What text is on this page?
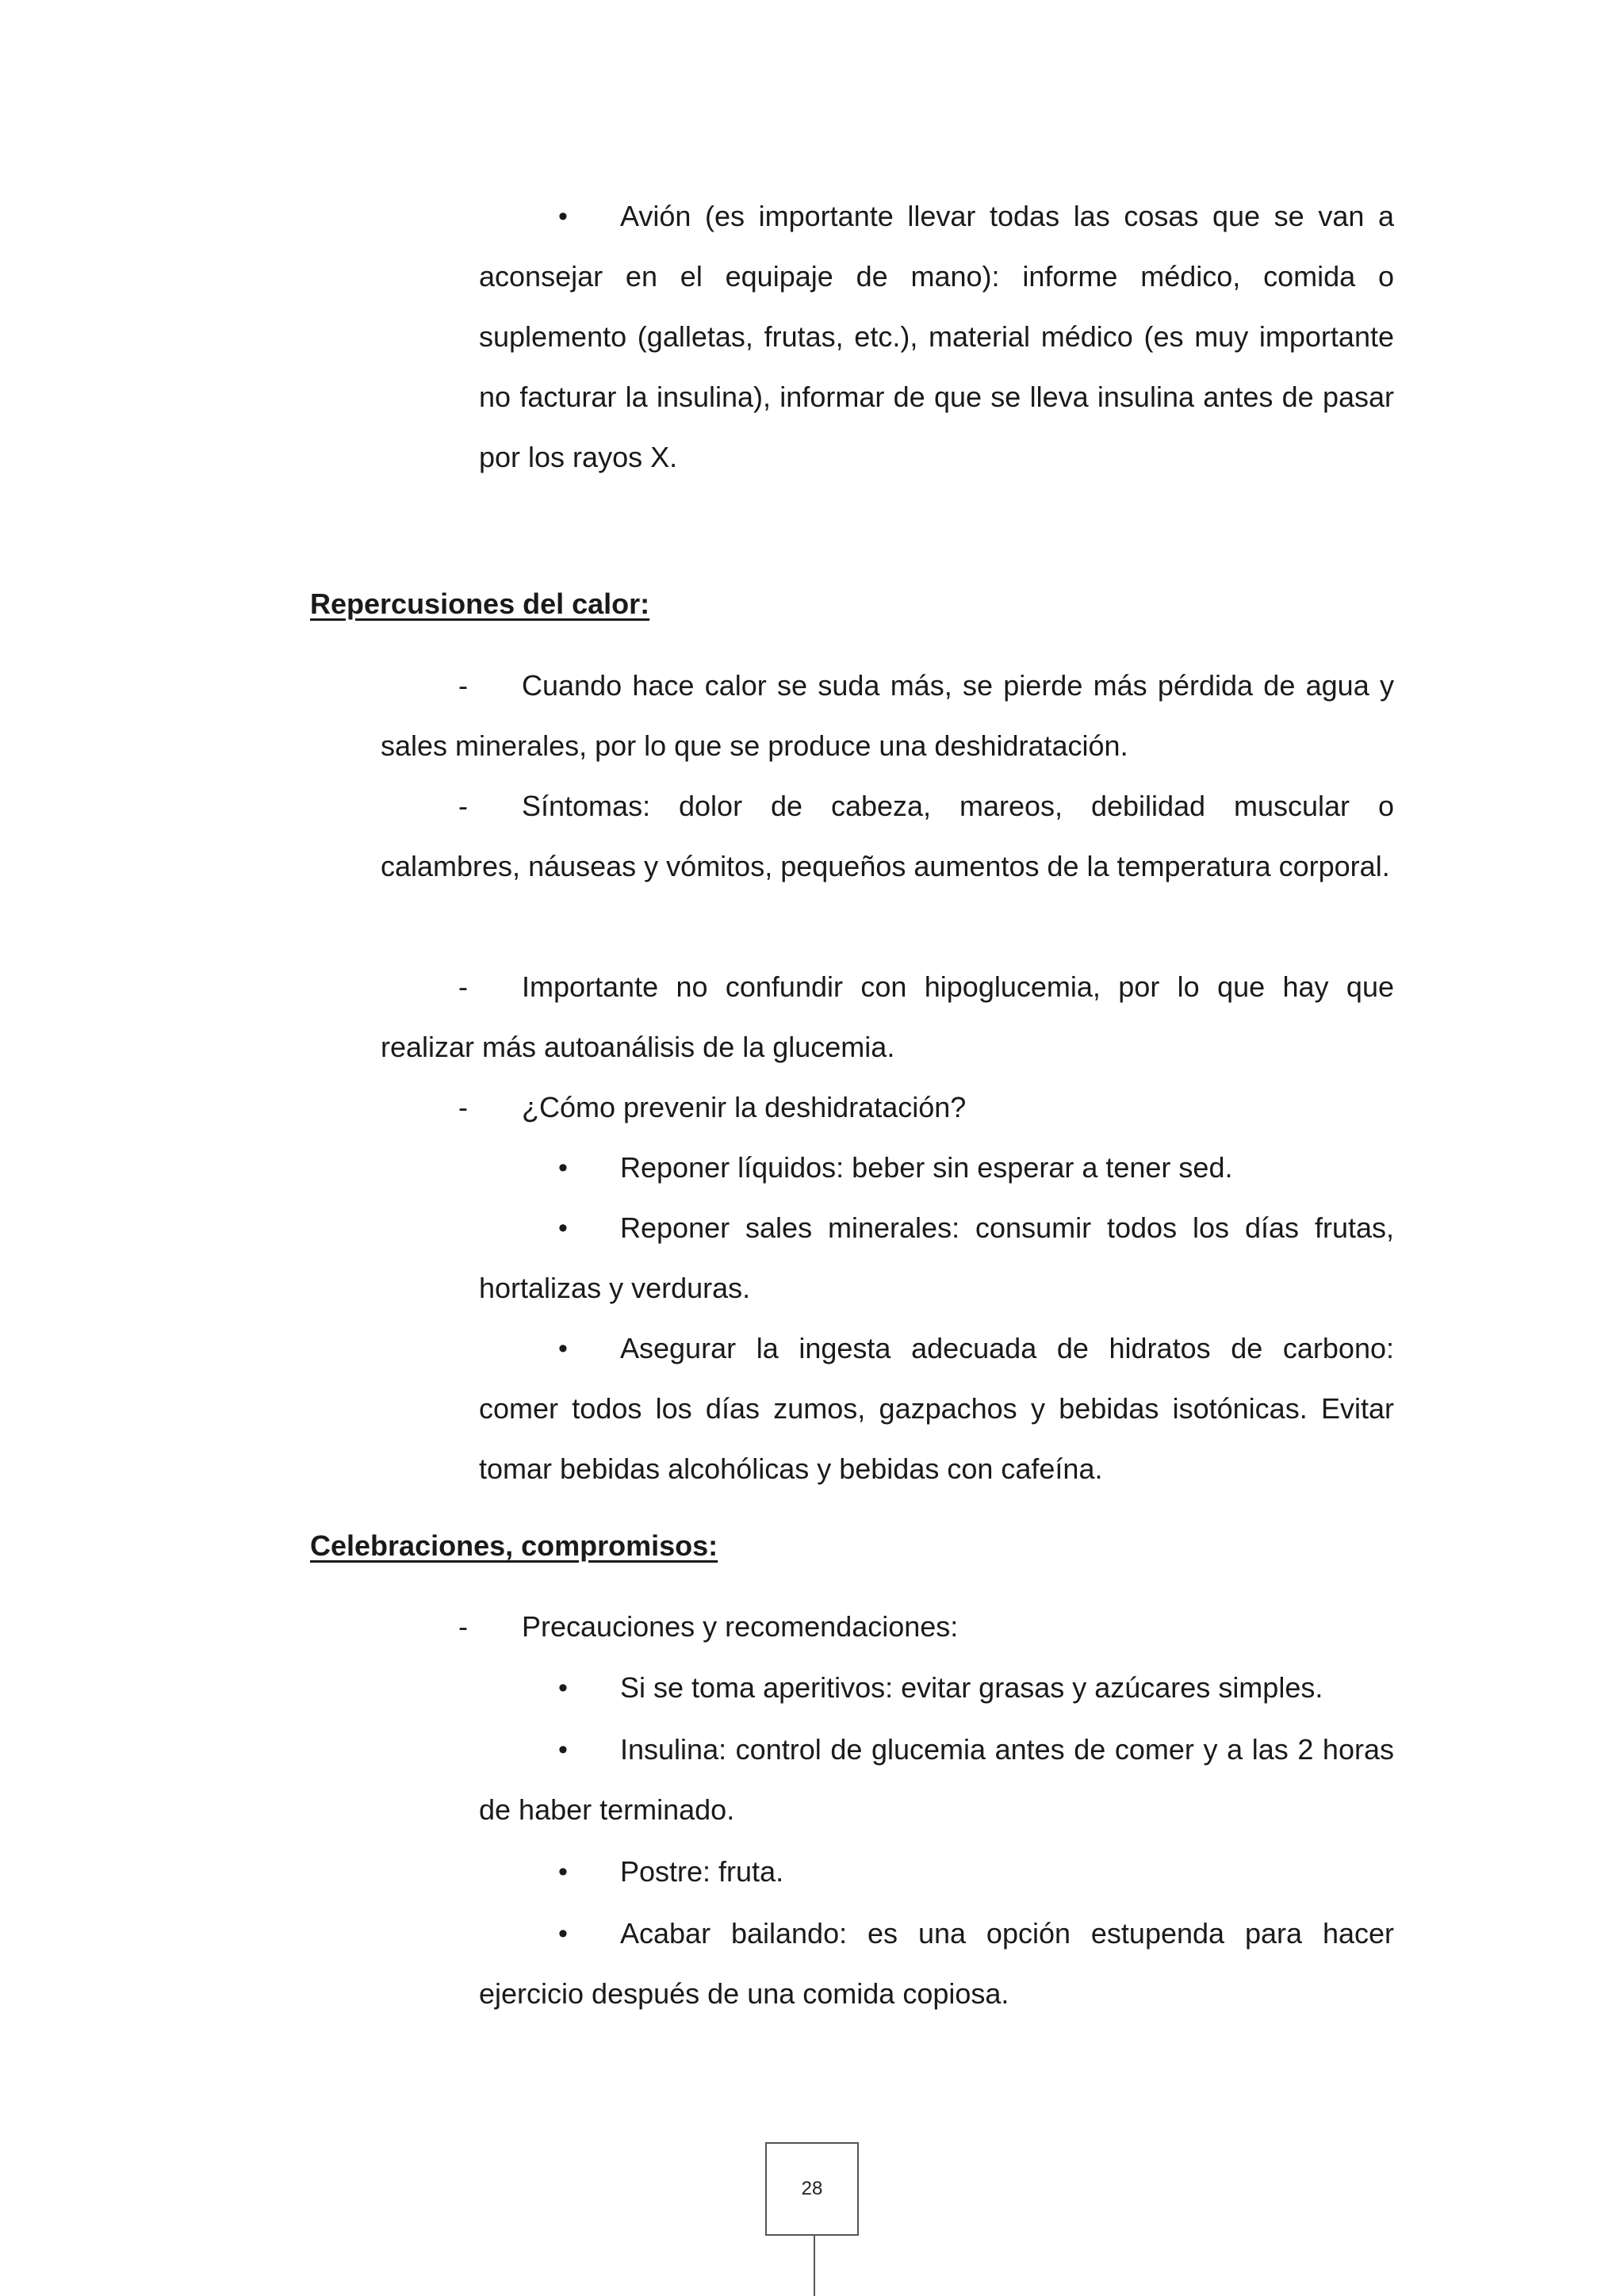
• Avión (es importante llevar todas las cosas que se van a aconsejar en el equipaje de mano): informe médico, comida o suplemento (galletas, frutas, etc.), material médico (es muy importante no facturar la insulina), informar de que se lleva insulina antes de pasar por los rayos X.

Repercusiones del calor:

- Cuando hace calor se suda más, se pierde más pérdida de agua y sales minerales, por lo que se produce una deshidratación.

- Síntomas: dolor de cabeza, mareos, debilidad muscular o calambres, náuseas y vómitos, pequeños aumentos de la temperatura corporal.

- Importante no confundir con hipoglucemia, por lo que hay que realizar más autoanálisis de la glucemia.

- ¿Cómo prevenir la deshidratación?

• Reponer líquidos: beber sin esperar a tener sed.

• Reponer sales minerales: consumir todos los días frutas, hortalizas y verduras.

• Asegurar la ingesta adecuada de hidratos de carbono: comer todos los días zumos, gazpachos y bebidas isotónicas. Evitar tomar bebidas alcohólicas y bebidas con cafeína.

Celebraciones, compromisos:

- Precauciones y recomendaciones:

• Si se toma aperitivos: evitar grasas y azúcares simples.

• Insulina: control de glucemia antes de comer y a las 2 horas de haber terminado.

• Postre: fruta.

• Acabar bailando: es una opción estupenda para hacer ejercicio después de una comida copiosa.

28
